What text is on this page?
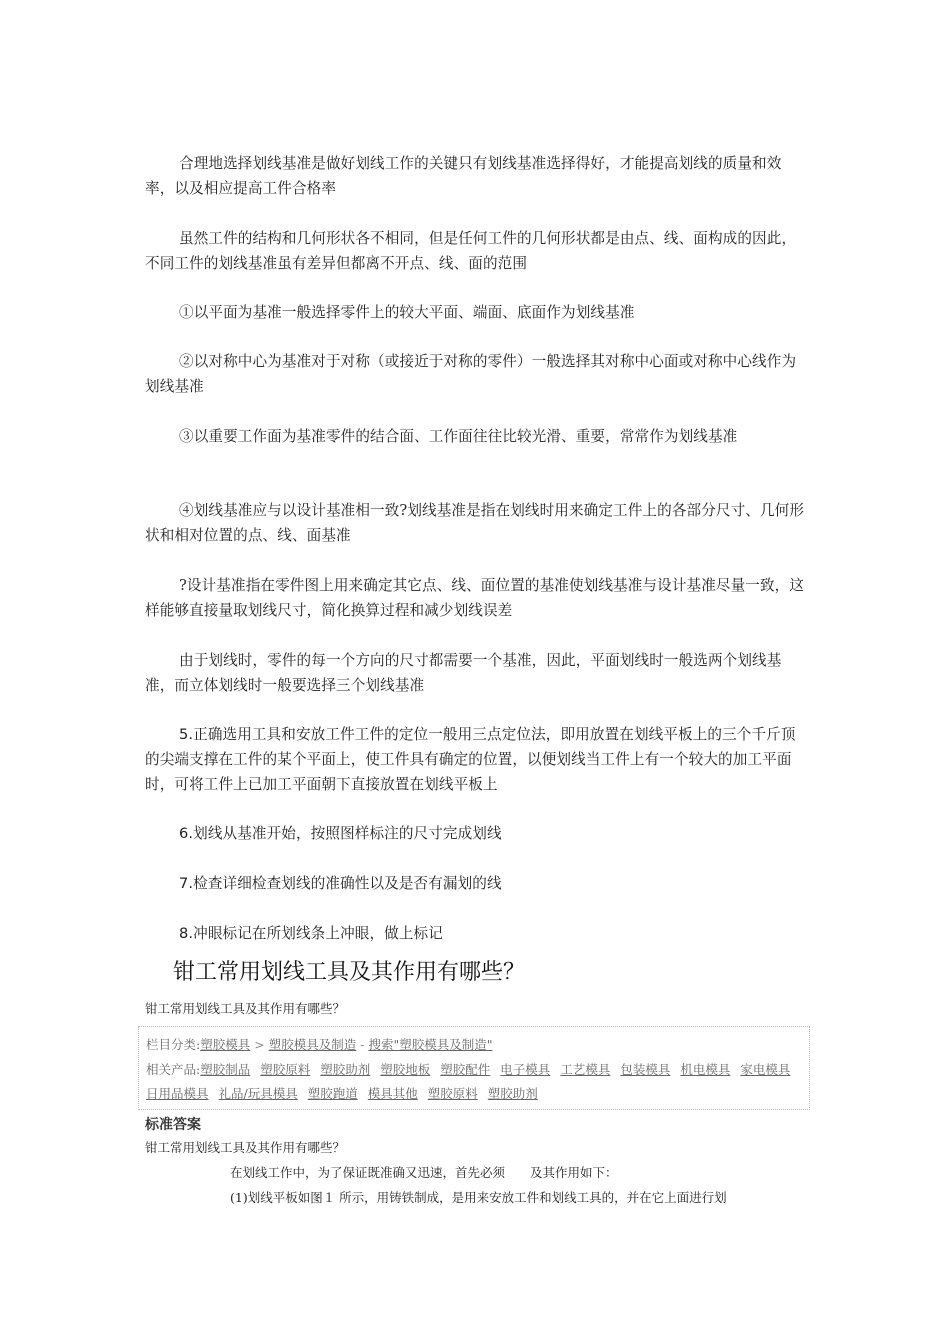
合理地选择划线基准是做好划线工作的关键只有划线基准选择得好，才能提高划线的质量和效率，以及相应提高工件合格率

虽然工件的结构和几何形状各不相同，但是任何工件的几何形状都是由点、线、面构成的因此，不同工件的划线基准虽有差异但都离不开点、线、面的范围

①以平面为基准一般选择零件上的较大平面、端面、底面作为划线基准

②以对称中心为基准对于对称（或接近于对称的零件）一般选择其对称中心面或对称中心线作为划线基准

③以重要工作面为基准零件的结合面、工作面往往比较光滑、重要，常常作为划线基准

④划线基准应与以设计基准相一致?划线基准是指在划线时用来确定工件上的各部分尺寸、几何形状和相对位置的点、线、面基准

?设计基准指在零件图上用来确定其它点、线、面位置的基准使划线基准与设计基准尽量一致，这样能够直接量取划线尺寸，简化换算过程和减少划线误差

由于划线时，零件的每一个方向的尺寸都需要一个基准，因此，平面划线时一般选两个划线基准，而立体划线时一般要选择三个划线基准

5.正确选用工具和安放工件工件的定位一般用三点定位法，即用放置在划线平板上的三个千斤顶的尖端支撑在工件的某个平面上，使工件具有确定的位置，以便划线当工件上有一个较大的加工平面时，可将工件上已加工平面朝下直接放置在划线平板上

6.划线从基准开始，按照图样标注的尺寸完成划线

7.检查详细检查划线的准确性以及是否有漏划的线

8.冲眼标记在所划线条上冲眼，做上标记

钳工常用划线工具及其作用有哪些？

钳工常用划线工具及其作用有哪些？

栏目分类:塑胶模具 > 塑胶模具及制造 - 搜索"塑胶模具及制造"
相关产品:塑胶制品 塑胶原料 塑胶助剂 塑胶地板 塑胶配件 电子模具 工艺模具 包装模具 机电模具 家电模具日用品模具 礼品/玩具模具 塑胶跑道 模具其他 塑胶原料 塑胶助剂
标准答案

钳工常用划线工具及其作用有哪些？

在划线工作中，为了保证既准确又迅速，首先必须　　及其作用如下：

(1)划线平板如图１ 所示，用铸铁制成，是用来安放工件和划线工具的，并在它上面进行划
